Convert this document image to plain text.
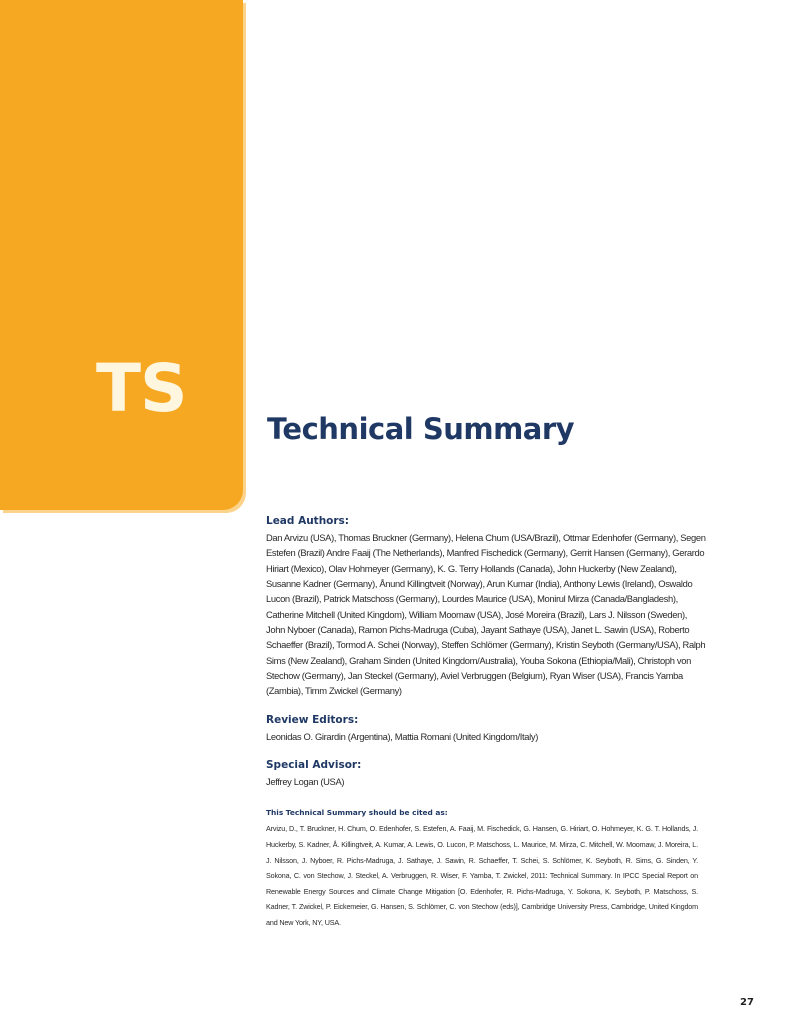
TS
Technical Summary
Lead Authors:

Dan Arvizu (USA), Thomas Bruckner (Germany), Helena Chum (USA/Brazil), Ottmar Edenhofer (Germany), Segen Estefen (Brazil) Andre Faaij (The Netherlands), Manfred Fischedick (Germany), Gerrit Hansen (Germany), Gerardo Hiriart (Mexico), Olav Hohmeyer (Germany), K. G. Terry Hollands (Canada), John Huckerby (New Zealand), Susanne Kadner (Germany), Ånund Killingtveit (Norway), Arun Kumar (India), Anthony Lewis (Ireland), Oswaldo Lucon (Brazil), Patrick Matschoss (Germany), Lourdes Maurice (USA), Monirul Mirza (Canada/Bangladesh), Catherine Mitchell (United Kingdom), William Moomaw (USA), José Moreira (Brazil), Lars J. Nilsson (Sweden), John Nyboer (Canada), Ramon Pichs-Madruga (Cuba), Jayant Sathaye (USA), Janet L. Sawin (USA), Roberto Schaeffer (Brazil), Tormod A. Schei (Norway), Steffen Schlömer (Germany), Kristin Seyboth (Germany/USA), Ralph Sims (New Zealand), Graham Sinden (United Kingdom/Australia), Youba Sokona (Ethiopia/Mali), Christoph von Stechow (Germany), Jan Steckel (Germany), Aviel Verbruggen (Belgium), Ryan Wiser (USA), Francis Yamba (Zambia), Timm Zwickel (Germany)

Review Editors:

Leonidas O. Girardin (Argentina), Mattia Romani (United Kingdom/Italy)

Special Advisor:

Jeffrey Logan (USA)

This Technical Summary should be cited as:

Arvizu, D., T. Bruckner, H. Chum, O. Edenhofer, S. Estefen, A. Faaij, M. Fischedick, G. Hansen, G. Hiriart, O. Hohmeyer, K. G. T. Hollands, J. Huckerby, S. Kadner, Å. Killingtveit, A. Kumar, A. Lewis, O. Lucon, P. Matschoss, L. Maurice, M. Mirza, C. Mitchell, W. Moomaw, J. Moreira, L. J. Nilsson, J. Nyboer, R. Pichs-Madruga, J. Sathaye, J. Sawin, R. Schaeffer, T. Schei, S. Schlömer, K. Seyboth, R. Sims, G. Sinden, Y. Sokona, C. von Stechow, J. Steckel, A. Verbruggen, R. Wiser, F. Yamba, T. Zwickel, 2011: Technical Summary. In IPCC Special Report on Renewable Energy Sources and Climate Change Mitigation [O. Edenhofer, R. Pichs-Madruga, Y. Sokona, K. Seyboth, P. Matschoss, S. Kadner, T. Zwickel, P. Eickemeier, G. Hansen, S. Schlömer, C. von Stechow (eds)], Cambridge University Press, Cambridge, United Kingdom and New York, NY, USA.

27
